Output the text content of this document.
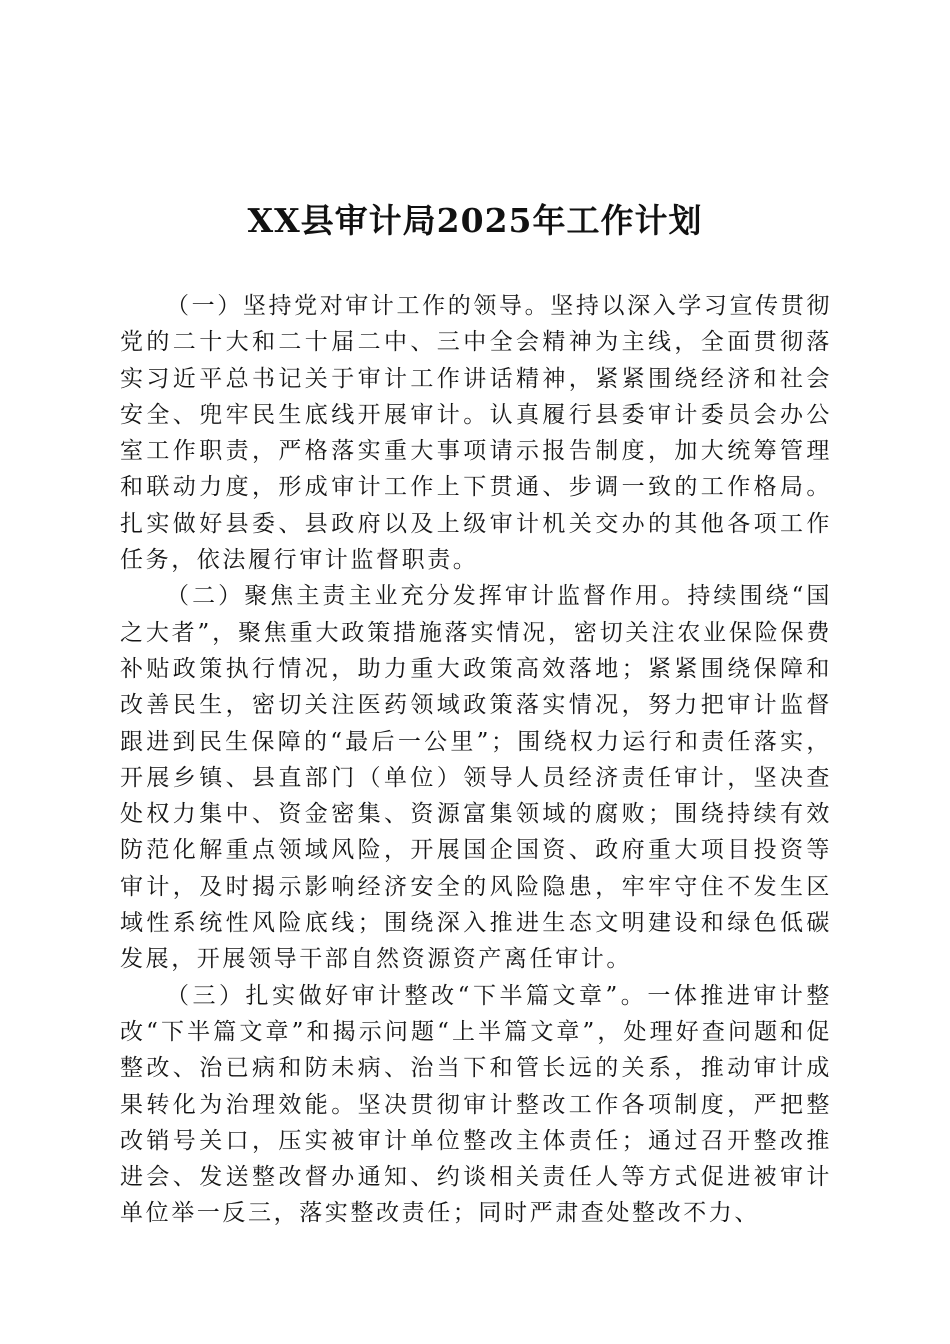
XX县审计局2025年工作计划

（一）坚持党对审计工作的领导。坚持以深入学习宣传贯彻党的二十大和二十届二中、三中全会精神为主线，全面贯彻落实习近平总书记关于审计工作讲话精神，紧紧围绕经济和社会安全、兜牢民生底线开展审计。认真履行县委审计委员会办公室工作职责，严格落实重大事项请示报告制度，加大统筹管理和联动力度，形成审计工作上下贯通、步调一致的工作格局。扎实做好县委、县政府以及上级审计机关交办的其他各项工作任务，依法履行审计监督职责。

（二）聚焦主责主业充分发挥审计监督作用。持续围绕“国之大者”，聚焦重大政策措施落实情况，密切关注农业保险保费补贴政策执行情况，助力重大政策高效落地；紧紧围绕保障和改善民生，密切关注医药领域政策落实情况，努力把审计监督跟进到民生保障的“最后一公里”；围绕权力运行和责任落实，开展乡镇、县直部门（单位）领导人员经济责任审计，坚决查处权力集中、资金密集、资源富集领域的腐败；围绕持续有效防范化解重点领域风险，开展国企国资、政府重大项目投资等审计，及时揭示影响经济安全的风险隐患，牢牢守住不发生区域性系统性风险底线；围绕深入推进生态文明建设和绿色低碳发展，开展领导干部自然资源资产离任审计。

（三）扎实做好审计整改“下半篇文章”。一体推进审计整改“下半篇文章”和揭示问题“上半篇文章”，处理好查问题和促整改、治已病和防未病、治当下和管长远的关系，推动审计成果转化为治理效能。坚决贯彻审计整改工作各项制度，严把整改销号关口，压实被审计单位整改主体责任；通过召开整改推进会、发送整改督办通知、约谈相关责任人等方式促进被审计单位举一反三，落实整改责任；同时严肃查处整改不力、
